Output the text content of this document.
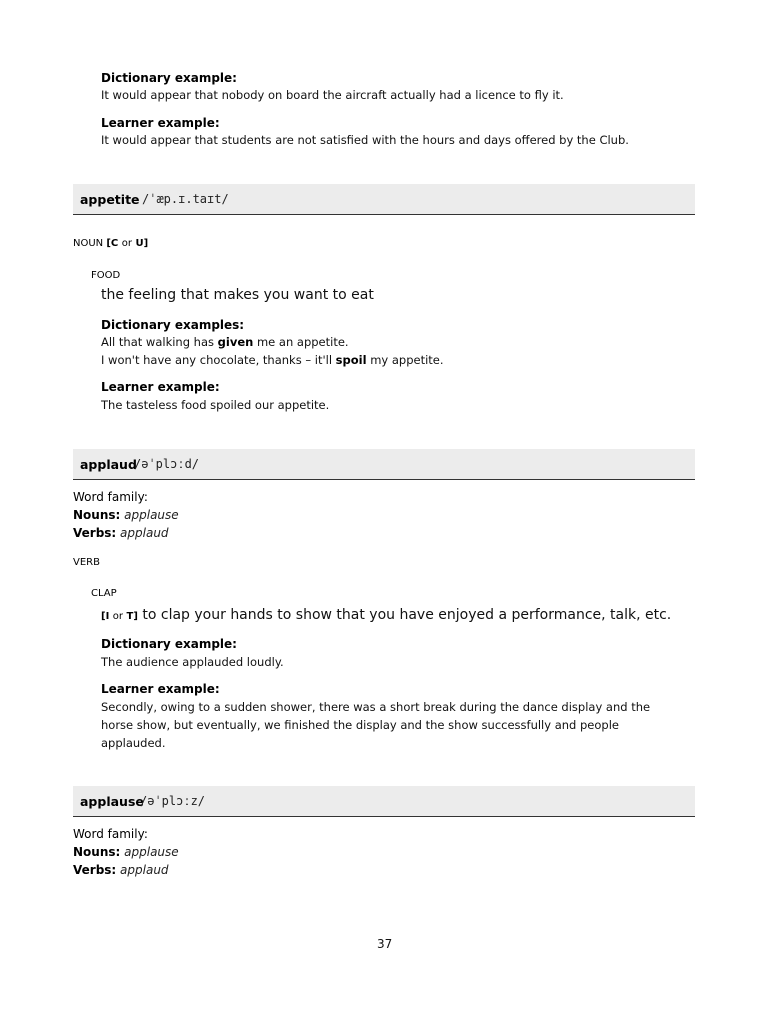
Dictionary example:
It would appear that nobody on board the aircraft actually had a licence to fly it.
Learner example:
It would appear that students are not satisfied with the hours and days offered by the Club.
appetite /ˈæp.ɪ.taɪt/
NOUN [C or U]
FOOD
the feeling that makes you want to eat
Dictionary examples:
All that walking has given me an appetite.
I won't have any chocolate, thanks – it'll spoil my appetite.
Learner example:
The tasteless food spoiled our appetite.
applaud
/əˈplɔːd/
Word family:
Nouns: applause
Verbs: applaud
VERB
CLAP
[I or T] to clap your hands to show that you have enjoyed a performance, talk, etc.
Dictionary example:
The audience applauded loudly.
Learner example:
Secondly, owing to a sudden shower, there was a short break during the dance display and the
horse show, but eventually, we finished the display and the show successfully and people
applauded.
applause
/əˈplɔːz/
Word family:
Nouns: applause
Verbs: applaud
37
